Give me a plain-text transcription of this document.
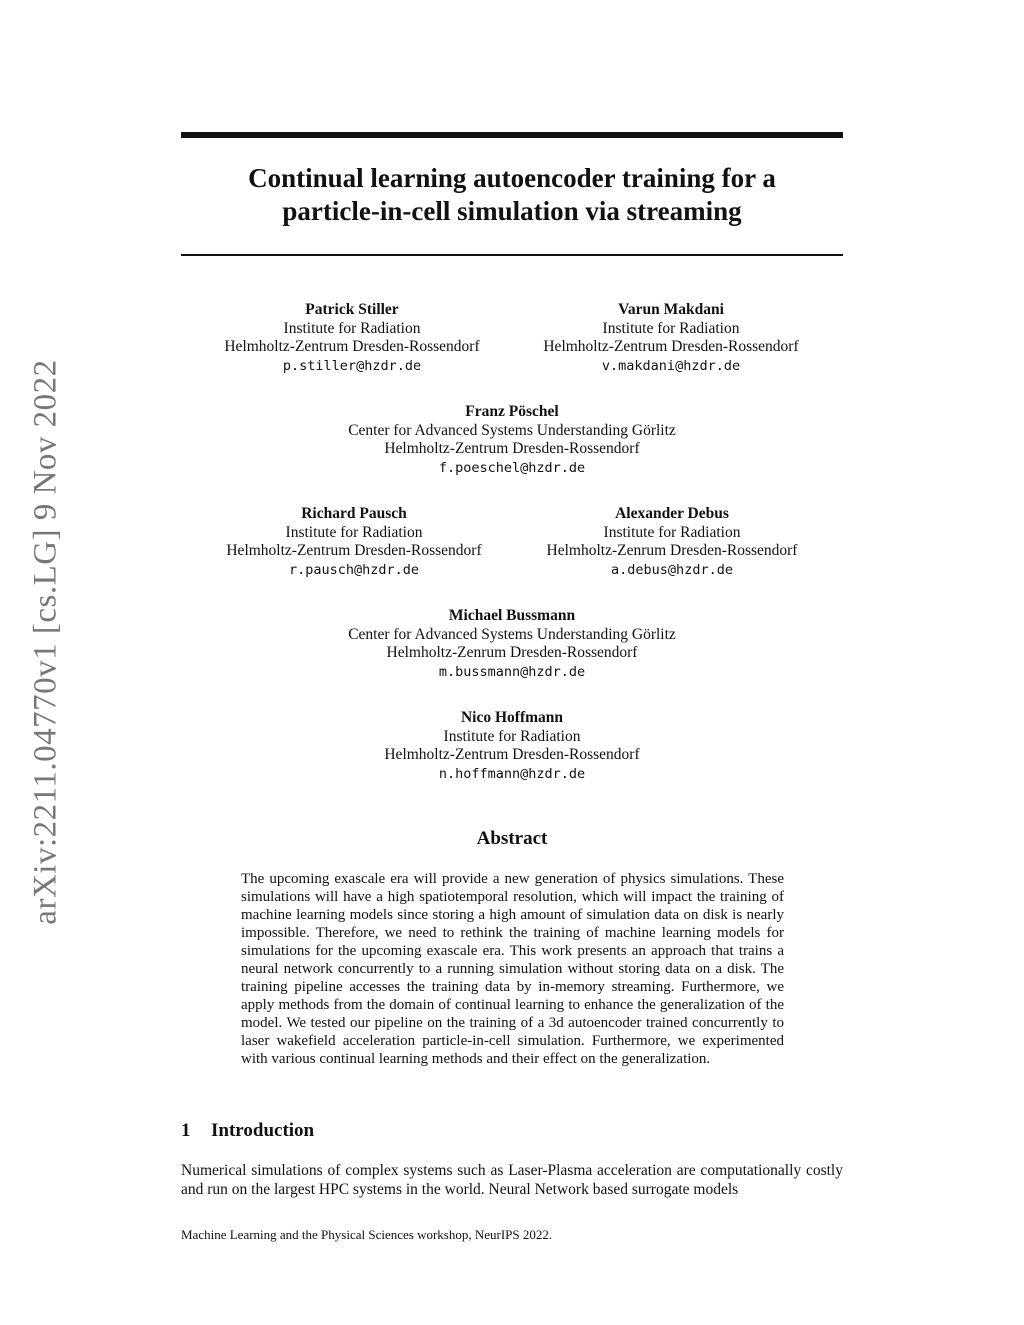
arXiv:2211.04770v1 [cs.LG] 9 Nov 2022
Continual learning autoencoder training for a
particle-in-cell simulation via streaming
Patrick Stiller
Institute for Radiation
Helmholtz-Zentrum Dresden-Rossendorf
p.stiller@hzdr.de
Varun Makdani
Institute for Radiation
Helmholtz-Zentrum Dresden-Rossendorf
v.makdani@hzdr.de
Franz Pöschel
Center for Advanced Systems Understanding Görlitz
Helmholtz-Zentrum Dresden-Rossendorf
f.poeschel@hzdr.de
Richard Pausch
Institute for Radiation
Helmholtz-Zentrum Dresden-Rossendorf
r.pausch@hzdr.de
Alexander Debus
Institute for Radiation
Helmholtz-Zenrum Dresden-Rossendorf
a.debus@hzdr.de
Michael Bussmann
Center for Advanced Systems Understanding Görlitz
Helmholtz-Zenrum Dresden-Rossendorf
m.bussmann@hzdr.de
Nico Hoffmann
Institute for Radiation
Helmholtz-Zentrum Dresden-Rossendorf
n.hoffmann@hzdr.de
Abstract
The upcoming exascale era will provide a new generation of physics simulations. These simulations will have a high spatiotemporal resolution, which will impact the training of machine learning models since storing a high amount of simulation data on disk is nearly impossible. Therefore, we need to rethink the training of machine learning models for simulations for the upcoming exascale era. This work presents an approach that trains a neural network concurrently to a running simulation without storing data on a disk. The training pipeline accesses the training data by in-memory streaming. Furthermore, we apply methods from the domain of continual learning to enhance the generalization of the model. We tested our pipeline on the training of a 3d autoencoder trained concurrently to laser wakefield acceleration particle-in-cell simulation. Furthermore, we experimented with various continual learning methods and their effect on the generalization.
1 Introduction
Numerical simulations of complex systems such as Laser-Plasma acceleration are computationally costly and run on the largest HPC systems in the world. Neural Network based surrogate models
Machine Learning and the Physical Sciences workshop, NeurIPS 2022.
